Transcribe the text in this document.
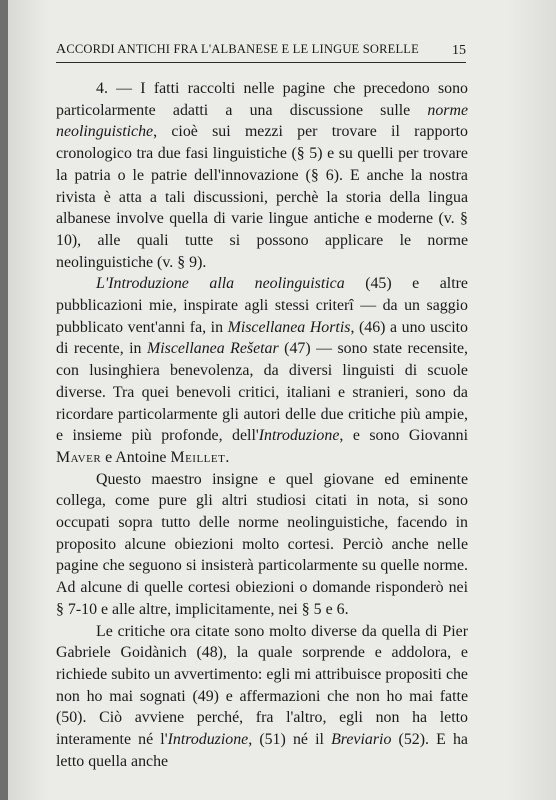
ACCORDI ANTICHI FRA L'ALBANESE E LE LINGUE SORELLE 15

4. — I fatti raccolti nelle pagine che precedono sono particolarmente adatti a una discussione sulle norme neolinguistiche, cioè sui mezzi per trovare il rapporto cronologico tra due fasi linguistiche (§ 5) e su quelli per trovare la patria o le patrie dell'innovazione (§ 6). E anche la nostra rivista è atta a tali discussioni, perchè la storia della lingua albanese involve quella di varie lingue antiche e moderne (v. § 10), alle quali tutte si possono applicare le norme neolinguistiche (v. § 9).

L'Introduzione alla neolinguistica (45) e altre pubblicazioni mie, inspirate agli stessi criterî — da un saggio pubblicato vent'anni fa, in Miscellanea Hortis, (46) a uno uscito di recente, in Miscellanea Rešetar (47) — sono state recensite, con lusinghiera benevolenza, da diversi linguisti di scuole diverse. Tra quei benevoli critici, italiani e stranieri, sono da ricordare particolarmente gli autori delle due critiche più ampie, e insieme più profonde, dell'Introduzione, e sono Giovanni Maver e Antoine Meillet.

Questo maestro insigne e quel giovane ed eminente collega, come pure gli altri studiosi citati in nota, si sono occupati sopra tutto delle norme neolinguistiche, facendo in proposito alcune obiezioni molto cortesi. Perciò anche nelle pagine che seguono si insisterà particolarmente su quelle norme. Ad alcune di quelle cortesi obiezioni o domande risponderò nei § 7-10 e alle altre, implicitamente, nei § 5 e 6.

Le critiche ora citate sono molto diverse da quella di Pier Gabriele Goidànich (48), la quale sorprende e addolora, e richiede subito un avvertimento: egli mi attribuisce propositi che non ho mai sognati (49) e affermazioni che non ho mai fatte (50). Ciò avviene perché, fra l'altro, egli non ha letto interamente né l'Introduzione, (51) né il Breviario (52). E ha letto quella anche
